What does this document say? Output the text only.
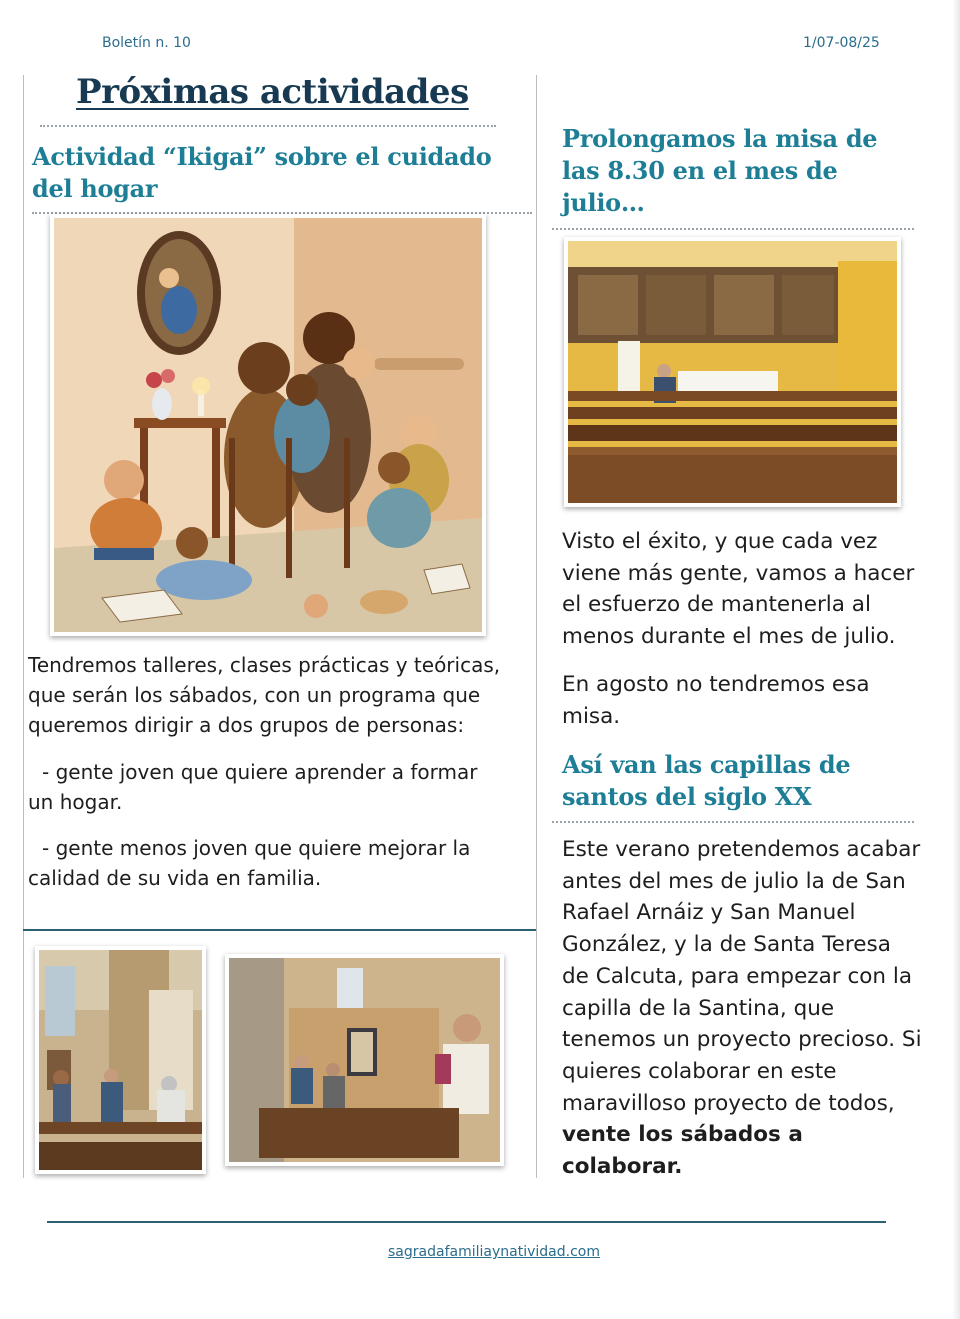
Boletín n. 10	1/07-08/25
Próximas actividades
Actividad “Ikigai” sobre el cuidado del hogar

Tendremos talleres, clases prácticas y teóricas, que serán los sábados, con un programa que queremos dirigir a dos grupos de personas:

- gente joven que quiere aprender a formar un hogar.

- gente menos joven que quiere mejorar la calidad de su vida en familia.

Prolongamos la misa de las 8.30 en el mes de julio…

Visto el éxito, y que cada vez viene más gente, vamos a hacer el esfuerzo de mantenerla al menos durante el mes de julio.

En agosto no tendremos esa misa.

Así van las capillas de santos del siglo XX

Este verano pretendemos acabar antes del mes de julio la de San Rafael Arnáiz y San Manuel González, y la de Santa Teresa de Calcuta, para empezar con la capilla de la Santina, que tenemos un proyecto precioso. Si quieres colaborar en este maravilloso proyecto de todos, vente los sábados a colaborar.

sagradafamiliaynatividad.com
